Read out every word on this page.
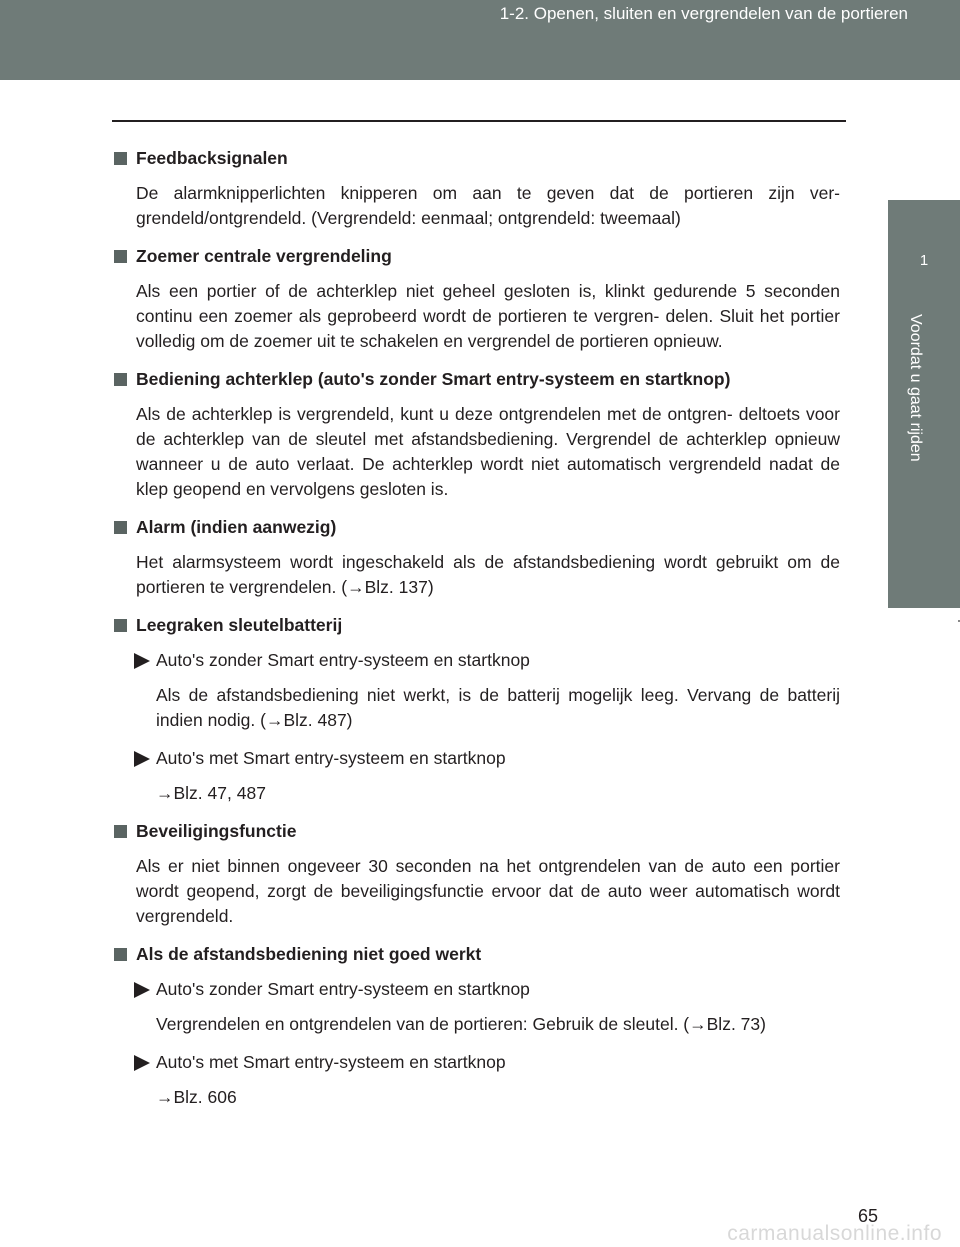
1-2. Openen, sluiten en vergrendelen van de portieren
1
Voordat u gaat rijden
Feedbacksignalen
De alarmknipperlichten knipperen om aan te geven dat de portieren zijn ver- grendeld/ontgrendeld. (Vergrendeld: eenmaal; ontgrendeld: tweemaal)
Zoemer centrale vergrendeling
Als een portier of de achterklep niet geheel gesloten is, klinkt gedurende 5 seconden continu een zoemer als geprobeerd wordt de portieren te vergren- delen. Sluit het portier volledig om de zoemer uit te schakelen en vergrendel de portieren opnieuw.
Bediening achterklep (auto's zonder Smart entry-systeem en startknop)
Als de achterklep is vergrendeld, kunt u deze ontgrendelen met de ontgren- deltoets voor de achterklep van de sleutel met afstandsbediening. Vergrendel de achterklep opnieuw wanneer u de auto verlaat. De achterklep wordt niet automatisch vergrendeld nadat de klep geopend en vervolgens gesloten is.
Alarm (indien aanwezig)
Het alarmsysteem wordt ingeschakeld als de afstandsbediening wordt gebruikt om de portieren te vergrendelen. (→Blz. 137)
Leegraken sleutelbatterij
Auto's zonder Smart entry-systeem en startknop
Als de afstandsbediening niet werkt, is de batterij mogelijk leeg. Vervang de batterij indien nodig. (→Blz. 487)
Auto's met Smart entry-systeem en startknop
→Blz. 47, 487
Beveiligingsfunctie
Als er niet binnen ongeveer 30 seconden na het ontgrendelen van de auto een portier wordt geopend, zorgt de beveiligingsfunctie ervoor dat de auto weer automatisch wordt vergrendeld.
Als de afstandsbediening niet goed werkt
Auto's zonder Smart entry-systeem en startknop
Vergrendelen en ontgrendelen van de portieren: Gebruik de sleutel. (→Blz. 73)
Auto's met Smart entry-systeem en startknop
→Blz. 606
65
carmanualsonline.info
